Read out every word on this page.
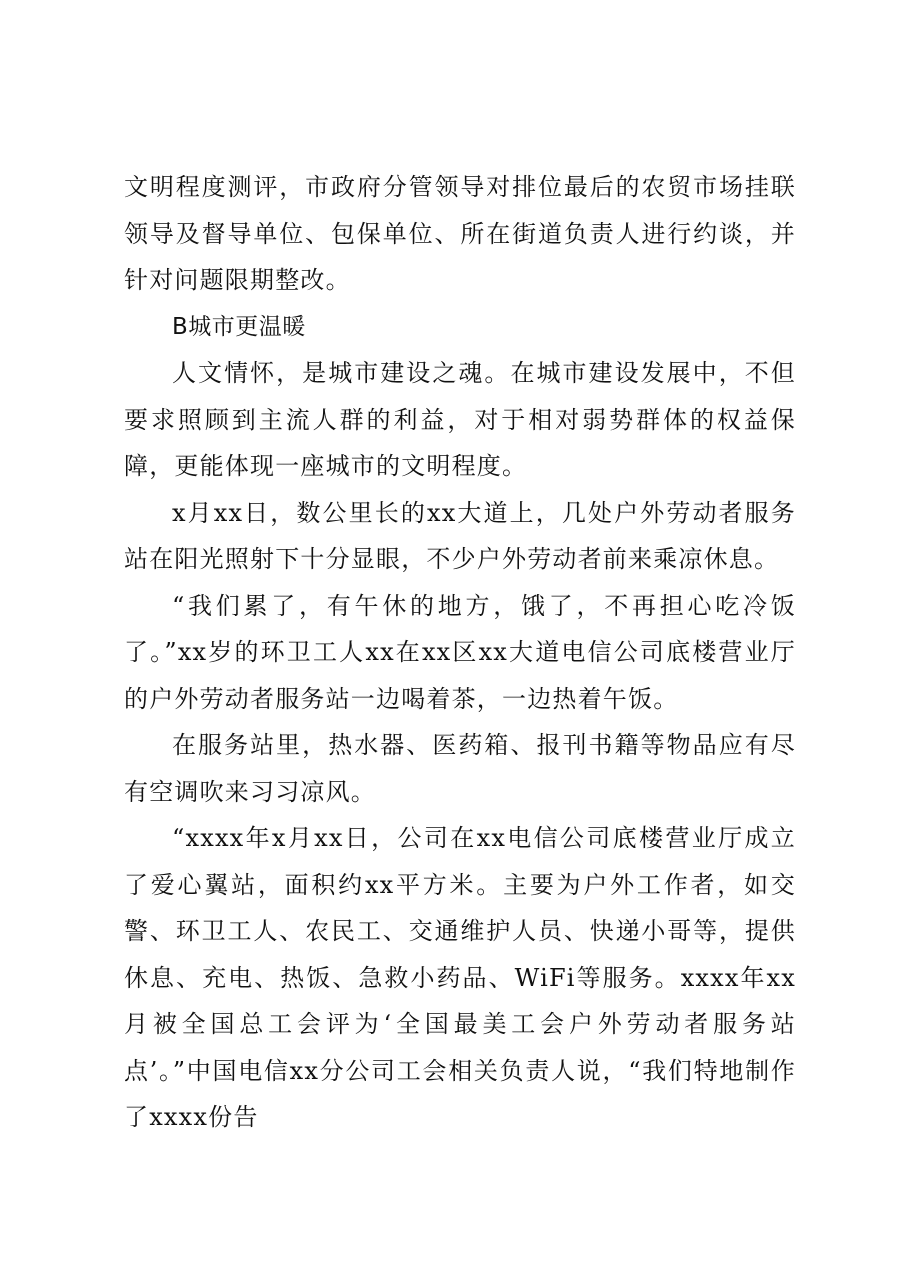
文明程度测评，市政府分管领导对排位最后的农贸市场挂联领导及督导单位、包保单位、所在街道负责人进行约谈，并针对问题限期整改。

B城市更温暖

人文情怀，是城市建设之魂。在城市建设发展中，不但要求照顾到主流人群的利益，对于相对弱势群体的权益保障，更能体现一座城市的文明程度。

x月xx日，数公里长的xx大道上，几处户外劳动者服务站在阳光照射下十分显眼，不少户外劳动者前来乘凉休息。

“我们累了，有午休的地方，饿了，不再担心吃冷饭了。”xx岁的环卫工人xx在xx区xx大道电信公司底楼营业厅的户外劳动者服务站一边喝着茶，一边热着午饭。

在服务站里，热水器、医药箱、报刊书籍等物品应有尽有空调吹来习习凉风。

“xxxx年x月xx日，公司在xx电信公司底楼营业厅成立了爱心翼站，面积约xx平方米。主要为户外工作者，如交警、环卫工人、农民工、交通维护人员、快递小哥等，提供休息、充电、热饭、急救小药品、WiFi等服务。xxxx年xx月被全国总工会评为‘全国最美工会户外劳动者服务站点’。”中国电信xx分公司工会相关负责人说，“我们特地制作了xxxx份告
